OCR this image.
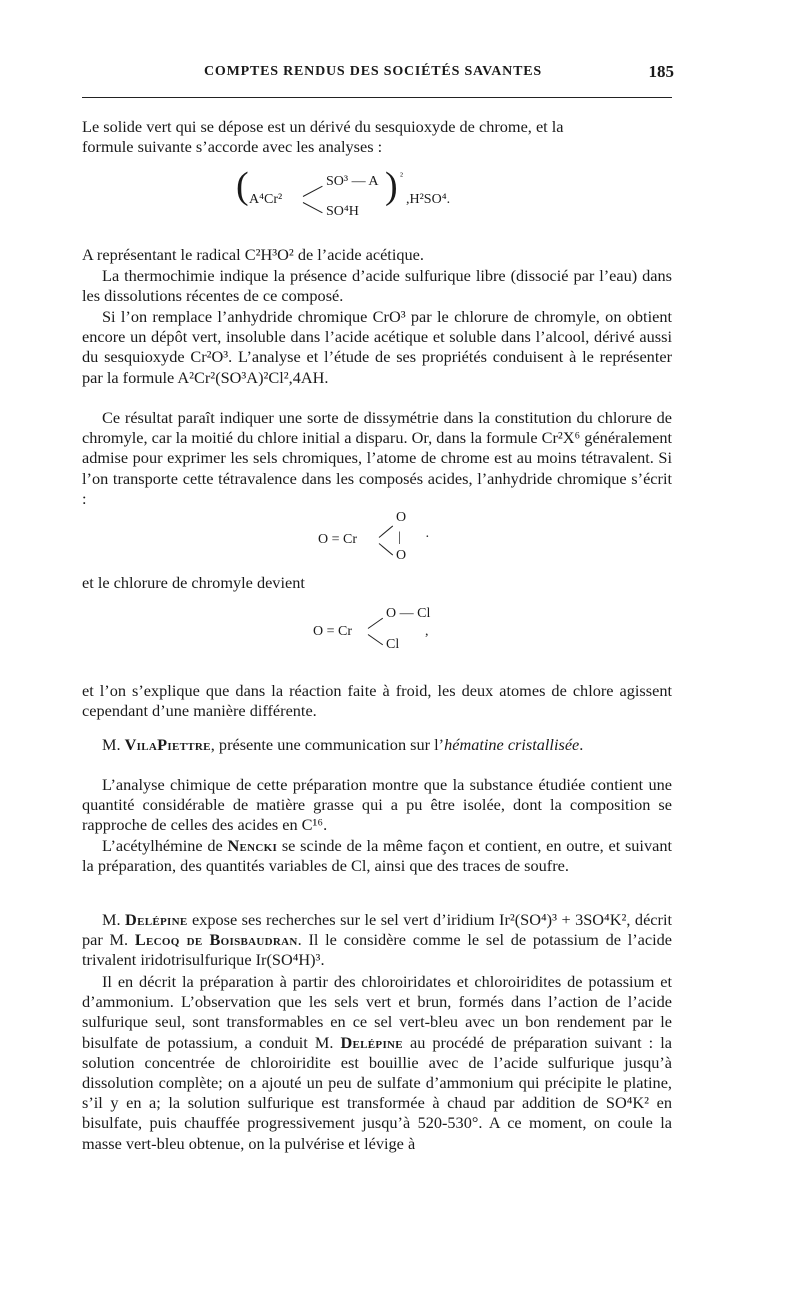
COMPTES RENDUS DES SOCIÉTÉS SAVANTES	185
Le solide vert qui se dépose est un dérivé du sesquioxyde de chrome, et la
formule suivante s’accorde avec les analyses :
( A⁴Cr²
SO³ — A
SO⁴H
) ²
,H²SO⁴.

A représentant le radical C²H³O² de l’acide acétique.

La thermochimie indique la présence d’acide sulfurique libre (dissocié par l’eau) dans les dissolutions récentes de ce composé.

Si l’on remplace l’anhydride chromique CrO³ par le chlorure de chromyle, on obtient encore un dépôt vert, insoluble dans l’acide acétique et soluble dans l’alcool, dérivé aussi du sesquioxyde Cr²O³. L’analyse et l’étude de ses propriétés conduisent à le représenter par la formule A²Cr²(SO³A)²Cl²,4AH.

Ce résultat paraît indiquer une sorte de dissymétrie dans la constitution du chlorure de chromyle, car la moitié du chlore initial a disparu. Or, dans la formule Cr²X⁶ généralement admise pour exprimer les sels chromiques, l’atome de chrome est au moins tétravalent. Si l’on transporte cette tétravalence dans les composés acides, l’anhydride chromique s’écrit :

O = Cr
O
|
O
·

et le chlorure de chromyle devient

O = Cr
O — Cl
Cl
,

et l’on s’explique que dans la réaction faite à froid, les deux atomes de chlore agissent cependant d’une manière différente.

M. VilaPiettre, présente une communication sur l’hématine cristallisée.

L’analyse chimique de cette préparation montre que la substance étudiée contient une quantité considérable de matière grasse qui a pu être isolée, dont la composition se rapproche de celles des acides en C¹⁶.

L’acétylhémine de Nencki se scinde de la même façon et contient, en outre, et suivant la préparation, des quantités variables de Cl, ainsi que des traces de soufre.

M. Delépine expose ses recherches sur le sel vert d’iridium Ir²(SO⁴)³ + 3SO⁴K², décrit par M. Lecoq de Boisbaudran. Il le considère comme le sel de potassium de l’acide trivalent iridotrisulfurique Ir(SO⁴H)³.

Il en décrit la préparation à partir des chloroiridates et chloroiridites de potassium et d’ammonium. L’observation que les sels vert et brun, formés dans l’action de l’acide sulfurique seul, sont transformables en ce sel vert-bleu avec un bon rendement par le bisulfate de potassium, a conduit M. Delépine au procédé de préparation suivant : la solution concentrée de chloroiridite est bouillie avec de l’acide sulfurique jusqu’à dissolution complète; on a ajouté un peu de sulfate d’ammonium qui précipite le platine, s’il y en a; la solution sulfurique est transformée à chaud par addition de SO⁴K² en bisulfate, puis chauffée progressivement jusqu’à 520-530°. A ce moment, on coule la masse vert-bleu obtenue, on la pulvérise et lévige à
